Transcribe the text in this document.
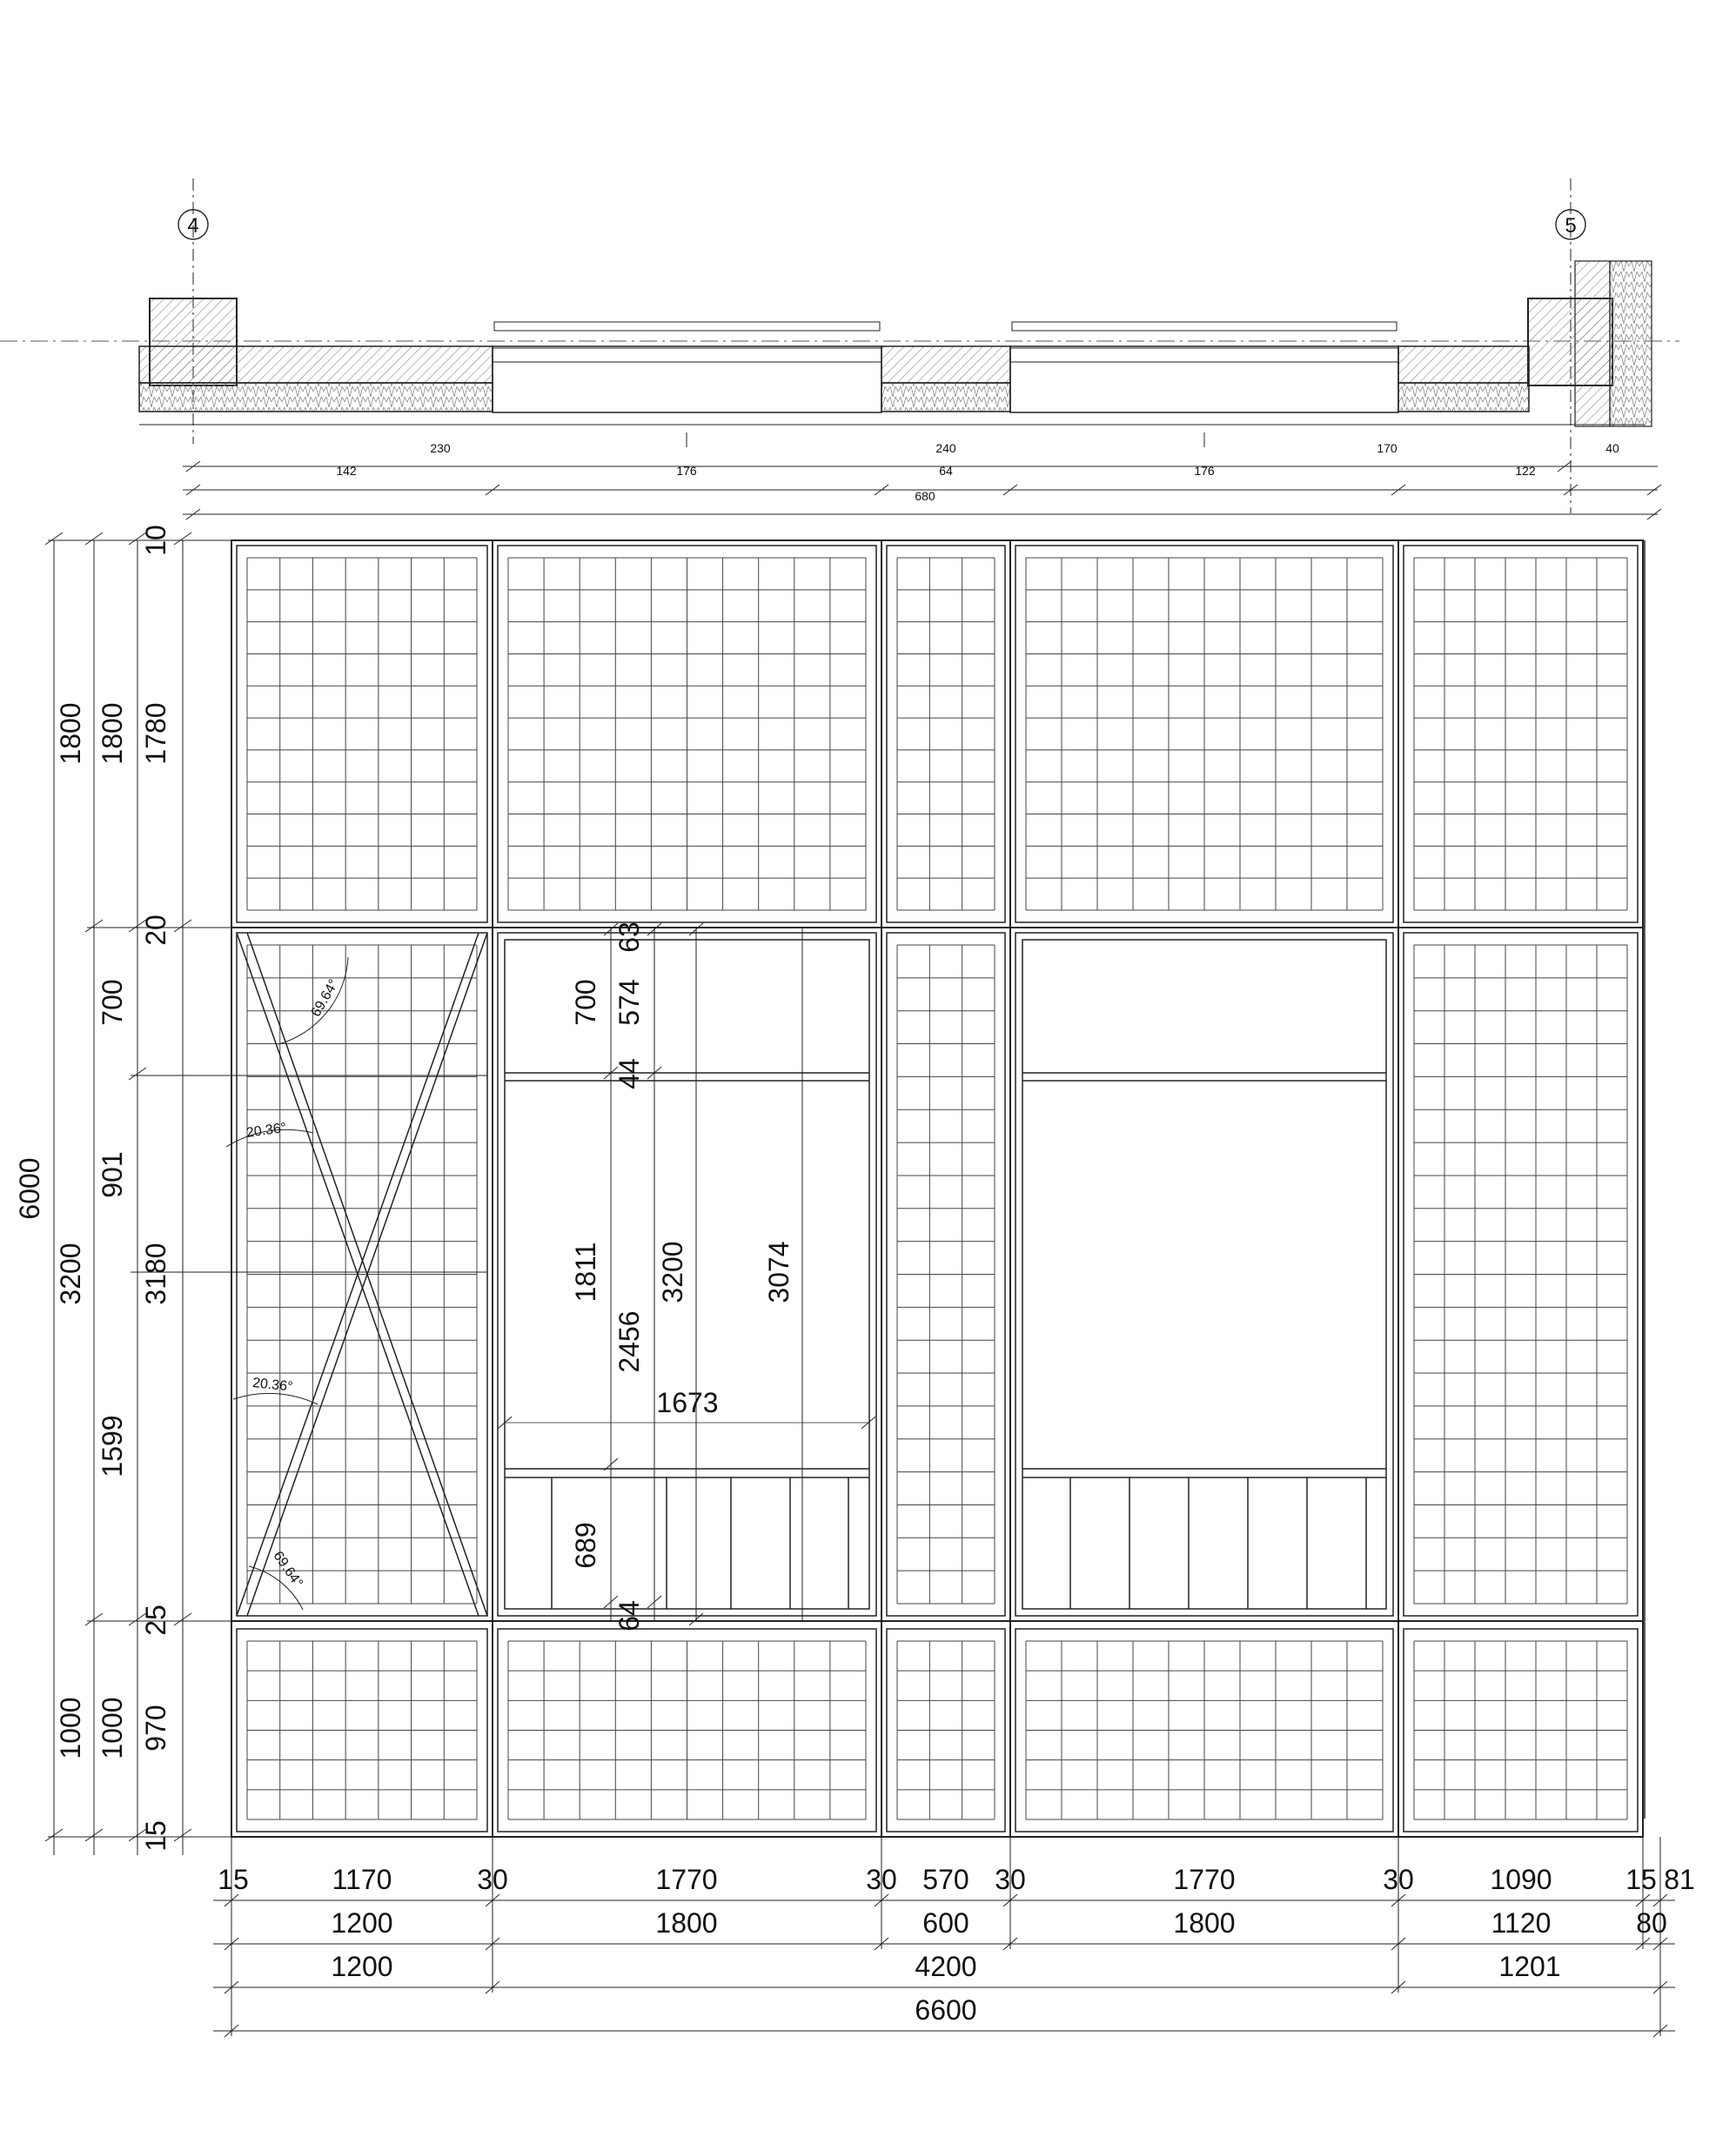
4	5
230	240	170	40
142	176	64	176	122
680
69.64°
20.36°
20.36°
69.64°
6000
1800
3200
1000
1800
700
901
1599
1000
10
1780
20
3180
25
970
15
63
700 574
44
1811
2456
3200	3074
1673
689
64
15	1170	30	1770	30 570 30	1770	30	1090	15 81
1200	1800	600	1800	1120	80
1200	4200	1201
6600
